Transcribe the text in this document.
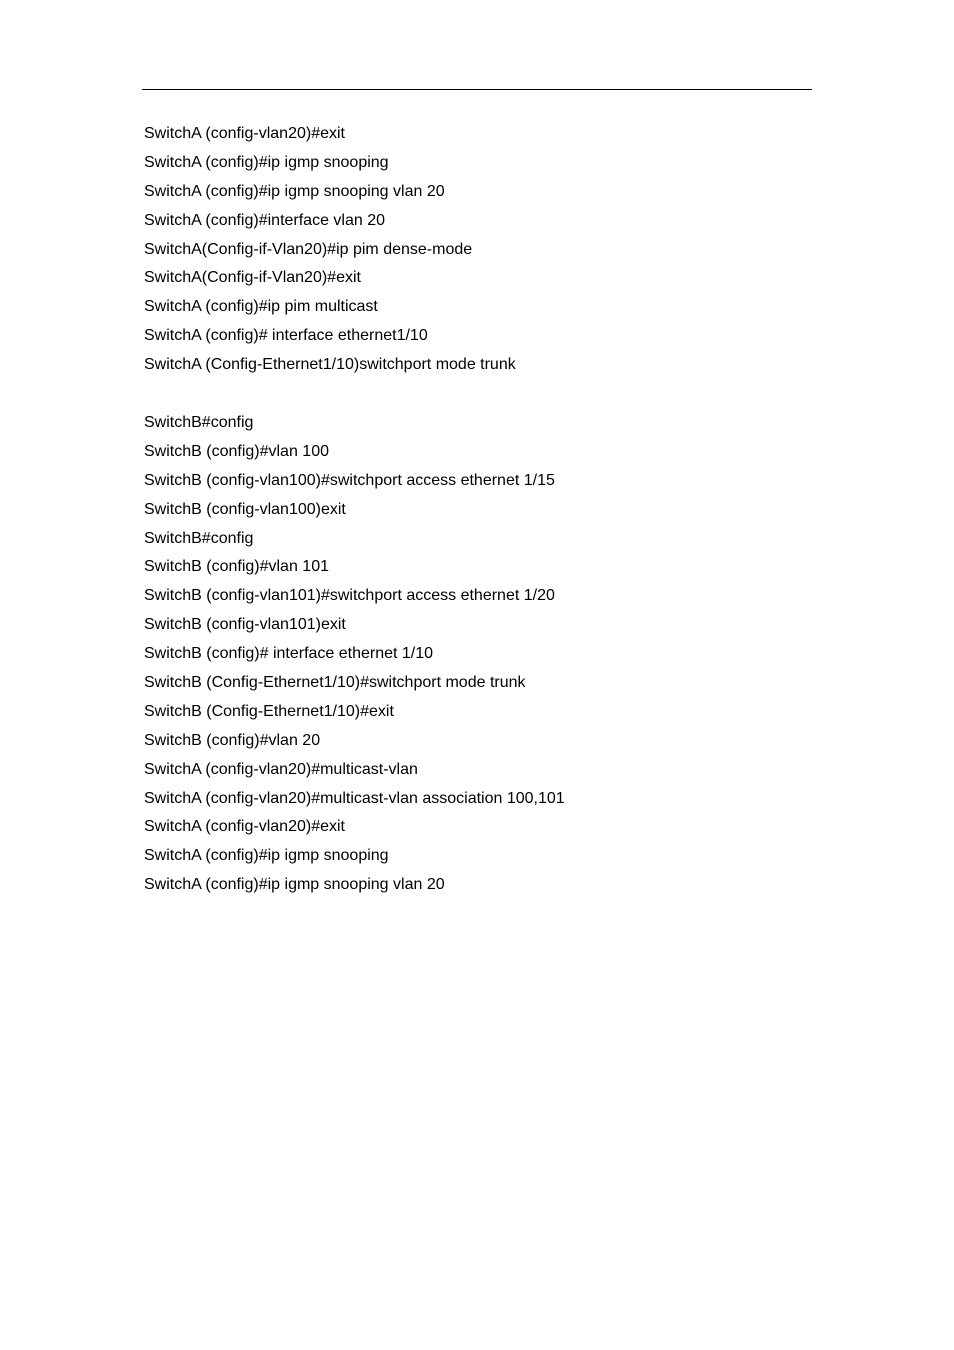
SwitchA (config-vlan20)#exit
SwitchA (config)#ip igmp snooping
SwitchA (config)#ip igmp snooping vlan 20
SwitchA (config)#interface vlan 20
SwitchA(Config-if-Vlan20)#ip pim dense-mode
SwitchA(Config-if-Vlan20)#exit
SwitchA (config)#ip pim multicast
SwitchA (config)# interface ethernet1/10
SwitchA (Config-Ethernet1/10)switchport mode trunk
SwitchB#config
SwitchB (config)#vlan 100
SwitchB (config-vlan100)#switchport access ethernet 1/15
SwitchB (config-vlan100)exit
SwitchB#config
SwitchB (config)#vlan 101
SwitchB (config-vlan101)#switchport access ethernet 1/20
SwitchB (config-vlan101)exit
SwitchB (config)# interface ethernet 1/10
SwitchB (Config-Ethernet1/10)#switchport mode trunk
SwitchB (Config-Ethernet1/10)#exit
SwitchB (config)#vlan 20
SwitchA (config-vlan20)#multicast-vlan
SwitchA (config-vlan20)#multicast-vlan association 100,101
SwitchA (config-vlan20)#exit
SwitchA (config)#ip igmp snooping
SwitchA (config)#ip igmp snooping vlan 20
